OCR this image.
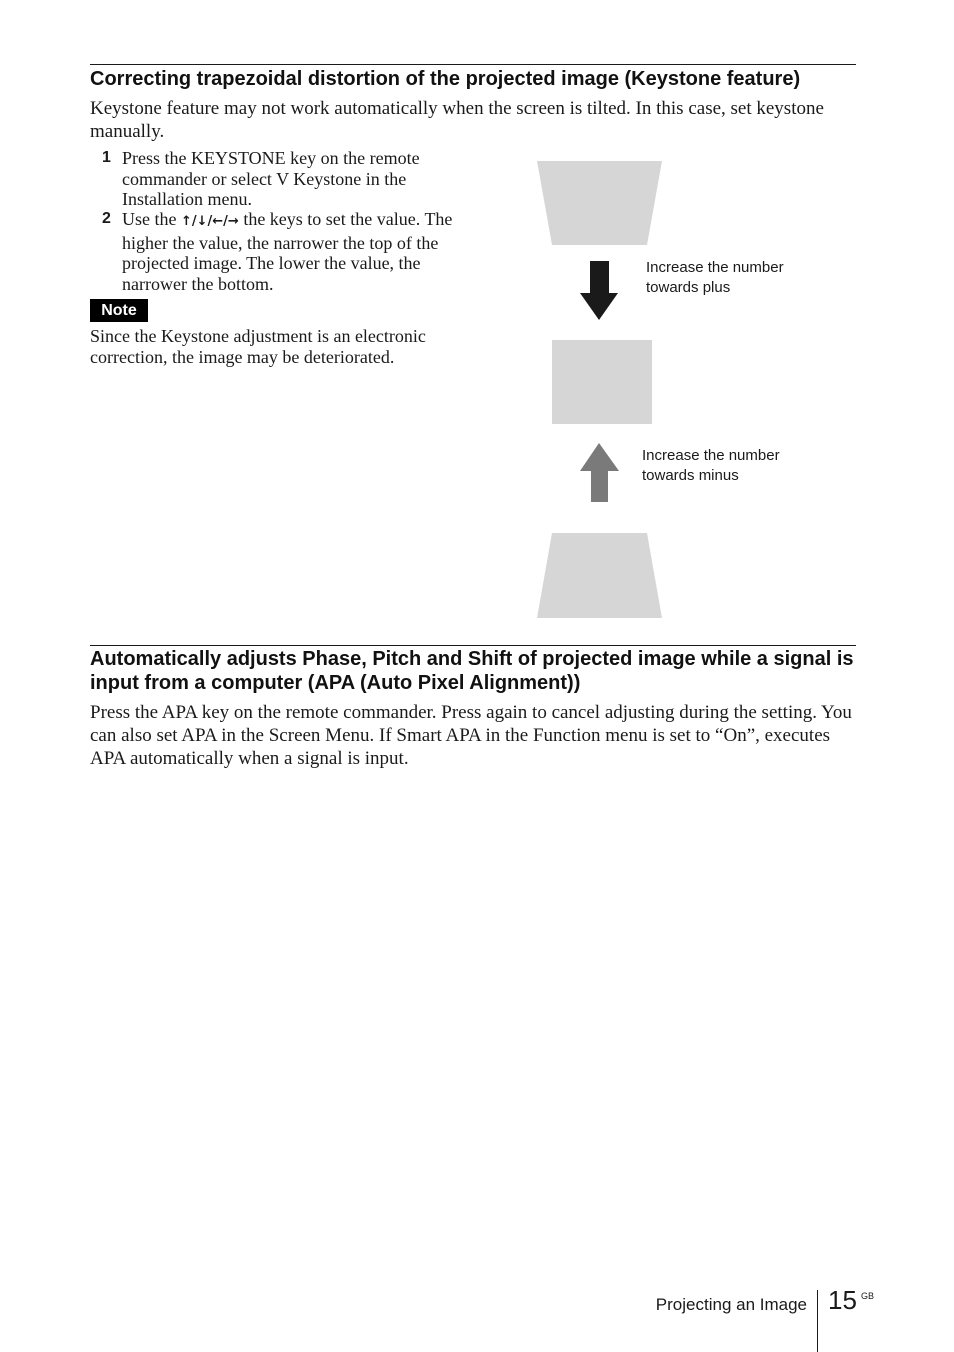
Correcting trapezoidal distortion of the projected image (Keystone feature)
Keystone feature may not work automatically when the screen is tilted. In this case, set keystone manually.
1 Press the KEYSTONE key on the remote commander or select V Keystone in the Installation menu.
2 Use the ↑/↓/←/→ the keys to set the value. The higher the value, the narrower the top of the projected image. The lower the value, the narrower the bottom.
Note
Since the Keystone adjustment is an electronic correction, the image may be deteriorated.
Increase the number towards plus
Increase the number towards minus
Automatically adjusts Phase, Pitch and Shift of projected image while a signal is input from a computer (APA (Auto Pixel Alignment))
Press the APA key on the remote commander. Press again to cancel adjusting during the setting. You can also set APA in the Screen Menu. If Smart APA in the Function menu is set to “On”, executes APA automatically when a signal is input.
Projecting an Image 15 GB
